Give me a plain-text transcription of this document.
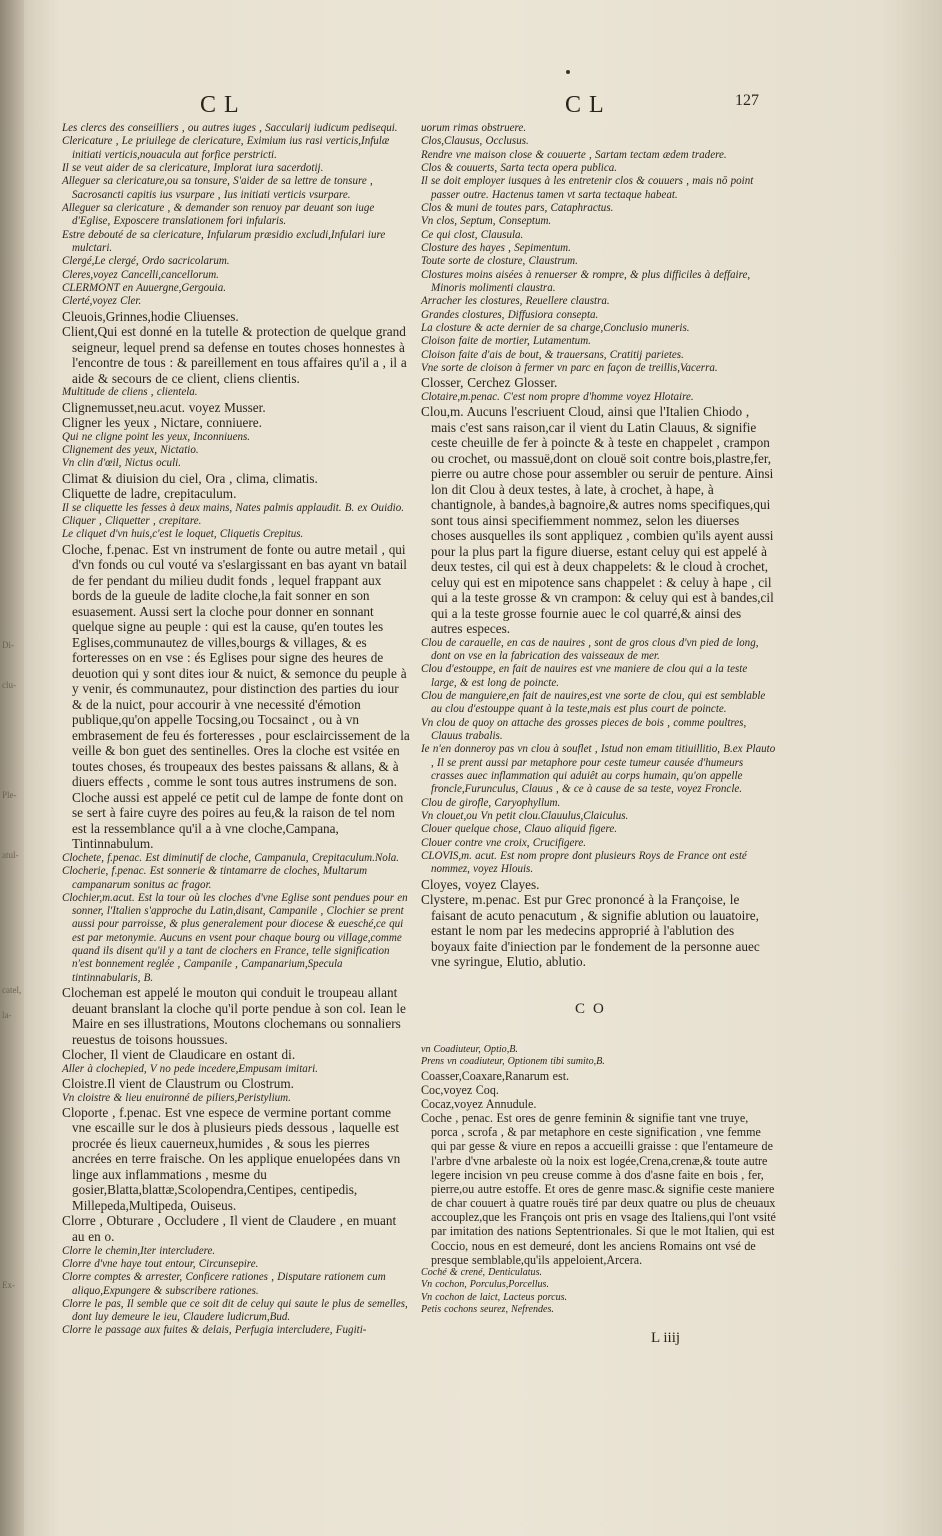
Di-
clu-
Ple-
atul-
catel,
la-
Ex-
CL	CL	127

Les clercs des conseilliers , ou autres iuges , Saccularij iudicum pedisequi.

Clericature , Le priuilege de clericature, Eximium ius rasi verticis,Infulæ initiati verticis,nouacula aut forfice perstricti.

Il se veut aider de sa clericature, Implorat iura sacerdotij.

Alleguer sa clericature,ou sa tonsure, S'aider de sa lettre de tonsure , Sacrosancti capitis ius vsurpare , Ius initiati verticis vsurpare.

Alleguer sa clericature , & demander son renuoy par deuant son iuge d'Eglise, Exposcere translationem fori infularis.

Estre debouté de sa clericature, Infularum præsidio excludi,Infulari iure mulctari.

Clergé,Le clergé, Ordo sacricolarum.

Cleres,voyez Cancelli,cancellorum.

CLERMONT en Auuergne,Gergouia.

Clerté,voyez Cler.

Cleuois,Grinnes,hodie Cliuenses.

Client,Qui est donné en la tutelle & protection de quelque grand seigneur, lequel prend sa defense en toutes choses honnestes à l'encontre de tous : & pareillement en tous affaires qu'il a , il a aide & secours de ce client, cliens clientis.

Multitude de cliens , clientela.

Clignemusset,neu.acut. voyez Musser.

Cligner les yeux , Nictare, conniuere.

Qui ne cligne point les yeux, Inconniuens.

Clignement des yeux, Nictatio.

Vn clin d'œil, Nictus oculi.

Climat & diuision du ciel, Ora , clima, climatis.

Cliquette de ladre, crepitaculum.

Il se cliquette les fesses à deux mains, Nates palmis applaudit. B. ex Ouidio.

Cliquer , Cliquetter , crepitare.

Le cliquet d'vn huis,c'est le loquet, Cliquetis Crepitus.

Cloche, f.penac. Est vn instrument de fonte ou autre metail , qui d'vn fonds ou cul vouté va s'eslargissant en bas ayant vn batail de fer pendant du milieu dudit fonds , lequel frappant aux bords de la gueule de ladite cloche,la fait sonner en son esuasement. Aussi sert la cloche pour donner en sonnant quelque signe au peuple : qui est la cause, qu'en toutes les Eglises,communautez de villes,bourgs & villages, & es forteresses on en vse : és Eglises pour signe des heures de deuotion qui y sont dites iour & nuict, & semonce du peuple à y venir, és communautez, pour distinction des parties du iour & de la nuict, pour accourir à vne necessité d'émotion publique,qu'on appelle Tocsing,ou Tocsainct , ou à vn embrasement de feu és forteresses , pour esclaircissement de la veille & bon guet des sentinelles. Ores la cloche est vsitée en toutes choses, és troupeaux des bestes paissans & allans, & à diuers effects , comme le sont tous autres instrumens de son. Cloche aussi est appelé ce petit cul de lampe de fonte dont on se sert à faire cuyre des poires au feu,& la raison de tel nom est la ressemblance qu'il a à vne cloche,Campana, Tintinnabulum.

Clochete, f.penac. Est diminutif de cloche, Campanula, Crepitaculum.Nola.

Clocherie, f.penac. Est sonnerie & tintamarre de cloches, Multarum campanarum sonitus ac fragor.

Clochier,m.acut. Est la tour où les cloches d'vne Eglise sont pendues pour en sonner, l'Italien s'approche du Latin,disant, Campanile , Clochier se prent aussi pour parroisse, & plus generalement pour diocese & euesché,ce qui est par metonymie. Aucuns en vsent pour chaque bourg ou village,comme quand ils disent qu'il y a tant de clochers en France, telle signification n'est bonnement reglée , Campanile , Campanarium,Specula tintinnabularis, B.

Clocheman est appelé le mouton qui conduit le troupeau allant deuant branslant la cloche qu'il porte pendue à son col. Iean le Maire en ses illustrations, Moutons clochemans ou sonnaliers reuestus de toisons houssues.

Clocher, Il vient de Claudicare en ostant di.

Aller à clochepied, V no pede incedere,Empusam imitari.

Cloistre.Il vient de Claustrum ou Clostrum.

Vn cloistre & lieu enuironné de piliers,Peristylium.

Cloporte , f.penac. Est vne espece de vermine portant comme vne escaille sur le dos à plusieurs pieds dessous , laquelle est procrée és lieux cauerneux,humides , & sous les pierres ancrées en terre fraische. On les applique enuelopées dans vn linge aux inflammations , mesme du gosier,Blatta,blattæ,Scolopendra,Centipes, centipedis, Millepeda,Multipeda, Ouiseus.

Clorre , Obturare , Occludere , Il vient de Claudere , en muant au en o.

Clorre le chemin,Iter intercludere.

Clorre d'vne haye tout entour, Circunsepire.

Clorre comptes & arrester, Conficere rationes , Disputare rationem cum aliquo,Expungere & subscribere rationes.

Clorre le pas, Il semble que ce soit dit de celuy qui saute le plus de semelles, dont luy demeure le ieu, Claudere ludicrum,Bud.

Clorre le passage aux fuites & delais, Perfugia intercludere, Fugiti-

uorum rimas obstruere.

Clos,Clausus, Occlusus.

Rendre vne maison close & couuerte , Sartam tectam ædem tradere.

Clos & couuerts, Sarta tecta opera publica.

Il se doit employer iusques à les entretenir clos & couuers , mais nō point passer outre. Hactenus tamen vt sarta tectaque habeat.

Clos & muni de toutes pars, Cataphractus.

Vn clos, Septum, Conseptum.

Ce qui clost, Clausula.

Closture des hayes , Sepimentum.

Toute sorte de closture, Claustrum.

Clostures moins aisées à renuerser & rompre, & plus difficiles à deffaire, Minoris molimenti claustra.

Arracher les clostures, Reuellere claustra.

Grandes clostures, Diffusiora consepta.

La closture & acte dernier de sa charge,Conclusio muneris.

Cloison faite de mortier, Lutamentum.

Cloison faite d'ais de bout, & trauersans, Cratitij parietes.

Vne sorte de cloison à fermer vn parc en façon de treillis,Vacerra.

Closser, Cerchez Glosser.

Clotaire,m.penac. C'est nom propre d'homme voyez Hlotaire.

Clou,m. Aucuns l'escriuent Cloud, ainsi que l'Italien Chiodo , mais c'est sans raison,car il vient du Latin Clauus, & signifie ceste cheuille de fer à poincte & à teste en chappelet , crampon ou crochet, ou massuë,dont on clouë soit contre bois,plastre,fer, pierre ou autre chose pour assembler ou seruir de penture. Ainsi lon dit Clou à deux testes, à late, à crochet, à hape, à chantignole, à bandes,à bagnoire,& autres noms specifiques,qui sont tous ainsi specifiemment nommez, selon les diuerses choses ausquelles ils sont appliquez , combien qu'ils ayent aussi pour la plus part la figure diuerse, estant celuy qui est appelé à deux testes, cil qui est à deux chappelets: & le cloud à crochet, celuy qui est en mipotence sans chappelet : & celuy à hape , cil qui a la teste grosse & vn crampon: & celuy qui est à bandes,cil qui a la teste grosse fournie auec le col quarré,& ainsi des autres especes.

Clou de carauelle, en cas de nauires , sont de gros clous d'vn pied de long, dont on vse en la fabrication des vaisseaux de mer.

Clou d'estouppe, en fait de nauires est vne maniere de clou qui a la teste large, & est long de poincte.

Clou de manguiere,en fait de nauires,est vne sorte de clou, qui est semblable au clou d'estouppe quant à la teste,mais est plus court de poincte.

Vn clou de quoy on attache des grosses pieces de bois , comme poultres, Clauus trabalis.

Ie n'en donneroy pas vn clou à souflet , Istud non emam titiuillitio, B.ex Plauto , Il se prent aussi par metaphore pour ceste tumeur causée d'humeurs crasses auec inflammation qui aduiêt au corps humain, qu'on appelle froncle,Furunculus, Clauus , & ce à cause de sa teste, voyez Froncle.

Clou de girofle, Caryophyllum.

Vn clouet,ou Vn petit clou.Clauulus,Claiculus.

Clouer quelque chose, Clauo aliquid figere.

Clouer contre vne croix, Crucifigere.

CLOVIS,m. acut. Est nom propre dont plusieurs Roys de France ont esté nommez, voyez Hlouis.

Cloyes, voyez Clayes.

Clystere, m.penac. Est pur Grec prononcé à la Françoise, le faisant de acuto penacutum , & signifie ablution ou lauatoire, estant le nom par les medecins approprié à l'ablution des boyaux faite d'iniection par le fondement de la personne auec vne syringue, Elutio, ablutio.

CO

vn Coadiuteur, Optio,B.

Prens vn coadiuteur, Optionem tibi sumito,B.

Coasser,Coaxare,Ranarum est.

Coc,voyez Coq.

Cocaz,voyez Annudule.

Coche , penac. Est ores de genre feminin & signifie tant vne truye, porca , scrofa , & par metaphore en ceste signification , vne femme qui par gesse & viure en repos a accueilli graisse : que l'entameure de l'arbre d'vne arbaleste où la noix est logée,Crena,crenæ,& toute autre legere incision vn peu creuse comme à dos d'asne faite en bois , fer, pierre,ou autre estoffe. Et ores de genre masc.& signifie ceste maniere de char couuert à quatre rouës tiré par deux quatre ou plus de cheuaux accouplez,que les François ont pris en vsage des Italiens,qui l'ont vsité par imitation des nations Septentrionales. Si que le mot Italien, qui est Coccio, nous en est demeuré, dont les anciens Romains ont vsé de presque semblable,qu'ils appeloient,Arcera.

Coché & crené, Denticulatus.

Vn cochon, Porculus,Porcellus.

Vn cochon de laict, Lacteus porcus.

Petis cochons seurez, Nefrendes.

L iiij
